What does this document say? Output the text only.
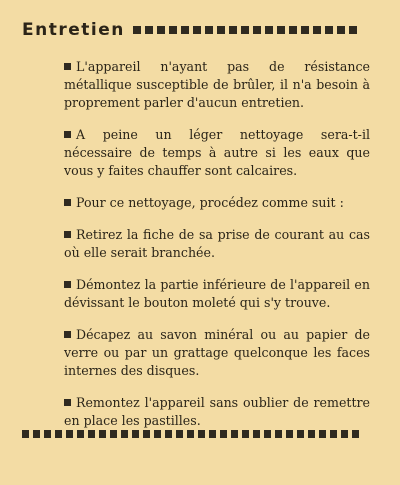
Entretien

L'appareil n'ayant pas de résistance métallique susceptible de brûler, il n'a besoin à proprement parler d'aucun entretien.

A peine un léger nettoyage sera-t-il nécessaire de temps à autre si les eaux que vous y faites chauffer sont calcaires.

Pour ce nettoyage, procédez comme suit :

Retirez la fiche de sa prise de courant au cas où elle serait branchée.

Démontez la partie inférieure de l'appareil en dévissant le bouton moleté qui s'y trouve.

Décapez au savon minéral ou au papier de verre ou par un grattage quelconque les faces internes des disques.

Remontez l'appareil sans oublier de remettre en place les pastilles.
